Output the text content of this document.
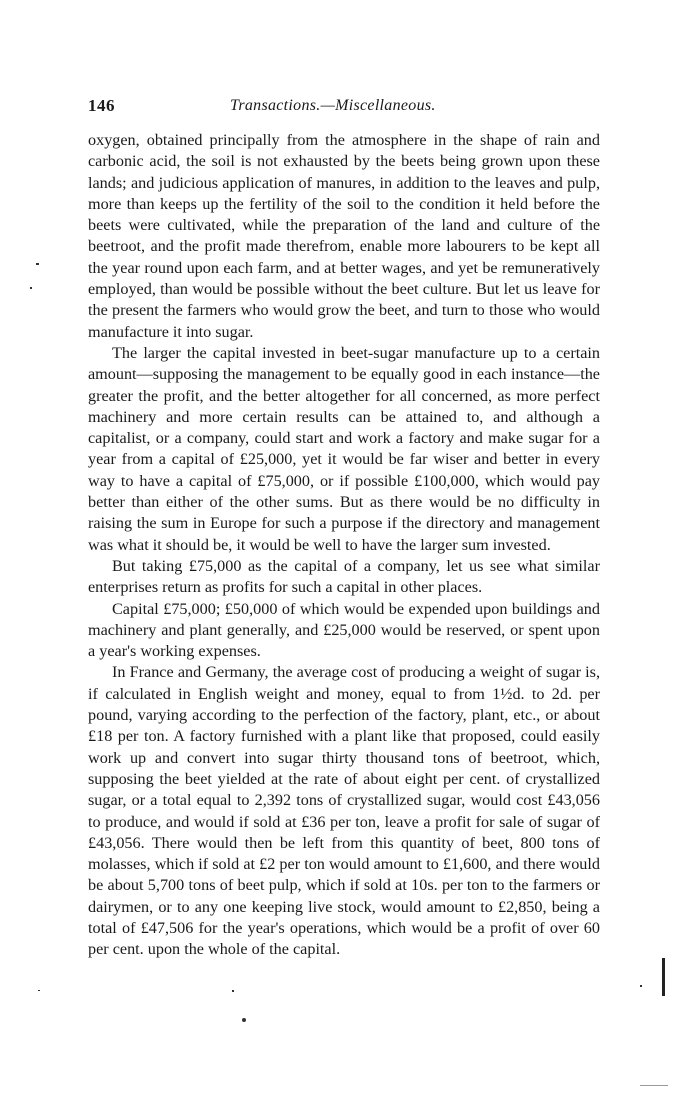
146	Transactions.—Miscellaneous.

oxygen, obtained principally from the atmosphere in the shape of rain and carbonic acid, the soil is not exhausted by the beets being grown upon these lands; and judicious application of manures, in addition to the leaves and pulp, more than keeps up the fertility of the soil to the condition it held before the beets were cultivated, while the preparation of the land and culture of the beetroot, and the profit made therefrom, enable more labourers to be kept all the year round upon each farm, and at better wages, and yet be remuneratively employed, than would be possible without the beet culture. But let us leave for the present the farmers who would grow the beet, and turn to those who would manufacture it into sugar.

The larger the capital invested in beet-sugar manufacture up to a certain amount—supposing the management to be equally good in each instance—the greater the profit, and the better altogether for all concerned, as more perfect machinery and more certain results can be attained to, and although a capitalist, or a company, could start and work a factory and make sugar for a year from a capital of £25,000, yet it would be far wiser and better in every way to have a capital of £75,000, or if possible £100,000, which would pay better than either of the other sums. But as there would be no difficulty in raising the sum in Europe for such a purpose if the directory and management was what it should be, it would be well to have the larger sum invested.

But taking £75,000 as the capital of a company, let us see what similar enterprises return as profits for such a capital in other places.

Capital £75,000; £50,000 of which would be expended upon buildings and machinery and plant generally, and £25,000 would be reserved, or spent upon a year's working expenses.

In France and Germany, the average cost of producing a weight of sugar is, if calculated in English weight and money, equal to from 1½d. to 2d. per pound, varying according to the perfection of the factory, plant, etc., or about £18 per ton. A factory furnished with a plant like that proposed, could easily work up and convert into sugar thirty thousand tons of beetroot, which, supposing the beet yielded at the rate of about eight per cent. of crystallized sugar, or a total equal to 2,392 tons of crystallized sugar, would cost £43,056 to produce, and would if sold at £36 per ton, leave a profit for sale of sugar of £43,056. There would then be left from this quantity of beet, 800 tons of molasses, which if sold at £2 per ton would amount to £1,600, and there would be about 5,700 tons of beet pulp, which if sold at 10s. per ton to the farmers or dairymen, or to any one keeping live stock, would amount to £2,850, being a total of £47,506 for the year's operations, which would be a profit of over 60 per cent. upon the whole of the capital.
